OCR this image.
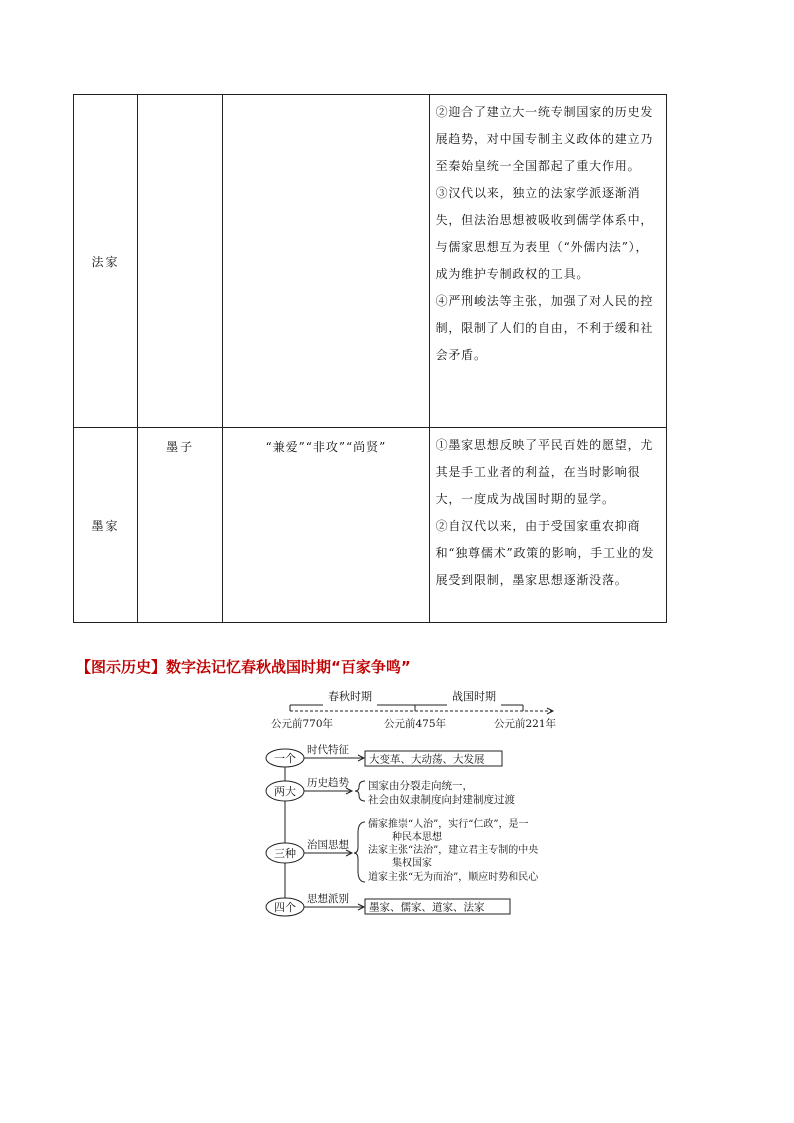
法家			②迎合了建立大一统专制国家的历史发展趋势，对中国专制主义政体的建立乃至秦始皇统一全国都起了重大作用。

③汉代以来，独立的法家学派逐渐消失，但法治思想被吸收到儒学体系中，与儒家思想互为表里（“外儒内法”），成为维护专制政权的工具。

④严刑峻法等主张，加强了对人民的控制，限制了人们的自由，不利于缓和社会矛盾。

墨家	墨子	“兼爱”“非攻”“尚贤”	①墨家思想反映了平民百姓的愿望，尤其是手工业者的利益，在当时影响很大，一度成为战国时期的显学。

②自汉代以来，由于受国家重农抑商和“独尊儒术”政策的影响，手工业的发展受到限制，墨家思想逐渐没落。

【图示历史】数字法记忆春秋战国时期“百家争鸣”
春秋时期	战国时期
公元前770年	公元前475年	公元前221年
一个
时代特征
大变革、大动荡、大发展
两大
历史趋势 国家由分裂走向统一，
社会由奴隶制度向封建制度过渡
三种
治国思想
儒家推崇“人治”，实行“仁政”，是一
种民本思想
法家主张“法治”，建立君主专制的中央
集权国家
道家主张“无为而治”，顺应时势和民心
四个
思想派别
墨家、儒家、道家、法家
